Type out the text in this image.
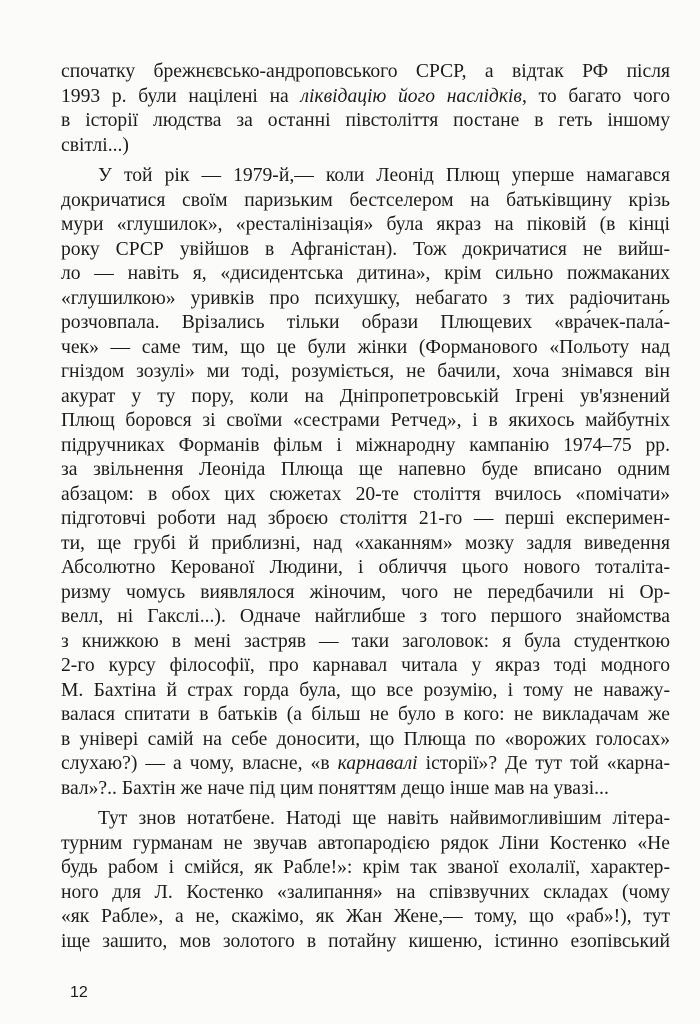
спочатку брежнєвсько-андроповського СРСР, а відтак РФ після
1993 р. були націлені на ліквідацію його наслідків, то багато чого
в історії людства за останні півстоліття постане в геть іншому
світлі...)
У той рік — 1979-й,— коли Леонід Плющ уперше намагався
докричатися своїм паризьким бестселером на батьківщину крізь
мури «глушилок», «ресталінізація» була якраз на піковій (в кінці
року СРСР увійшов в Афганістан). Тож докричатися не вийш-
ло — навіть я, «дисидентська дитина», крім сильно пожмаканих
«глушилкою» уривків про психушку, небагато з тих радіочитань
розчовпала. Врізались тільки образи Плющевих «вра́чек-пала́-
чек» — саме тим, що це були жінки (Форманового «Польоту над
гніздом зозулі» ми тоді, розуміється, не бачили, хоча знімався він
акурат у ту пору, коли на Дніпропетровській Ігрені ув'язнений
Плющ боровся зі своїми «сестрами Ретчед», і в якихось майбутніх
підручниках Форманів фільм і міжнародну кампанію 1974–75 рр.
за звільнення Леоніда Плюща ще напевно буде вписано одним
абзацом: в обох цих сюжетах 20-те століття вчилось «помічати»
підготовчі роботи над зброєю століття 21-го — перші експеримен-
ти, ще грубі й приблизні, над «хаканням» мозку задля виведення
Абсолютно Керованої Людини, і обличчя цього нового тоталіта-
ризму чомусь виявлялося жіночим, чого не передбачили ні Ор-
велл, ні Гакслі...). Одначе найглибше з того першого знайомства
з книжкою в мені застряв — таки заголовок: я була студенткою
2-го курсу філософії, про карнавал читала у якраз тоді модного
М. Бахтіна й страх горда була, що все розумію, і тому не наважу-
валася спитати в батьків (а більш не було в кого: не викладачам же
в універі самій на себе доносити, що Плюща по «ворожих голосах»
слухаю?) — а чому, власне, «в карнавалі історії»? Де тут той «карна-
вал»?.. Бахтін же наче під цим поняттям дещо інше мав на увазі...
Тут знов нотатбене. Натоді ще навіть найвимогливішим літера-
турним гурманам не звучав автопародією рядок Ліни Костенко «Не
будь рабом і смійся, як Рабле!»: крім так званої ехолалії, характер-
ного для Л. Костенко «залипання» на співзвучних складах (чому
«як Рабле», а не, скажімо, як Жан Жене,— тому, що «раб»!), тут
іще зашито, мов золотого в потайну кишеню, істинно езопівський
12
